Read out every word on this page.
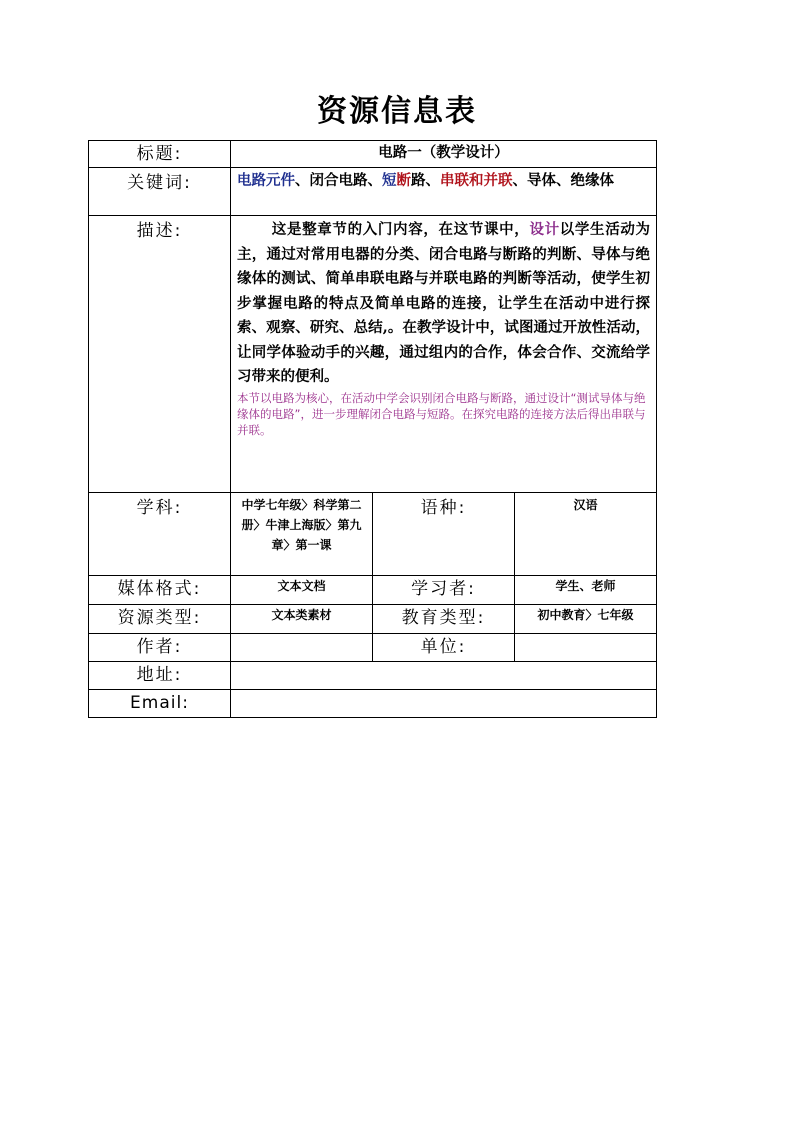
资源信息表
标题:	电路一（教学设计）		
关键词:	电路元件、闭合电路、短断路、串联和并联、导体、绝缘体		
描述:	这是整章节的入门内容，在这节课中，设计以学生活动为主，通过对常用电器的分类、闭合电路与断路的判断、导体与绝缘体的测试、简单串联电路与并联电路的判断等活动，使学生初步掌握电路的特点及简单电路的连接，让学生在活动中进行探索、观察、研究、总结,。在教学设计中，试图通过开放性活动，让同学体验动手的兴趣，通过组内的合作，体会合作、交流给学习带来的便利。

本节以电路为核心，在活动中学会识别闭合电路与断路，通过设计“测试导体与绝缘体的电路”，进一步理解闭合电路与短路。在探究电路的连接方法后得出串联与并联。		

学科:	中学七年级〉科学第二册〉牛津上海版〉第九章〉第一课	语种:	汉语
媒体格式:	文本文档	学习者:	学生、老师
资源类型:	文本类素材	教育类型:	初中教育〉七年级
作者:		单位:	
地址:			
Email:			
